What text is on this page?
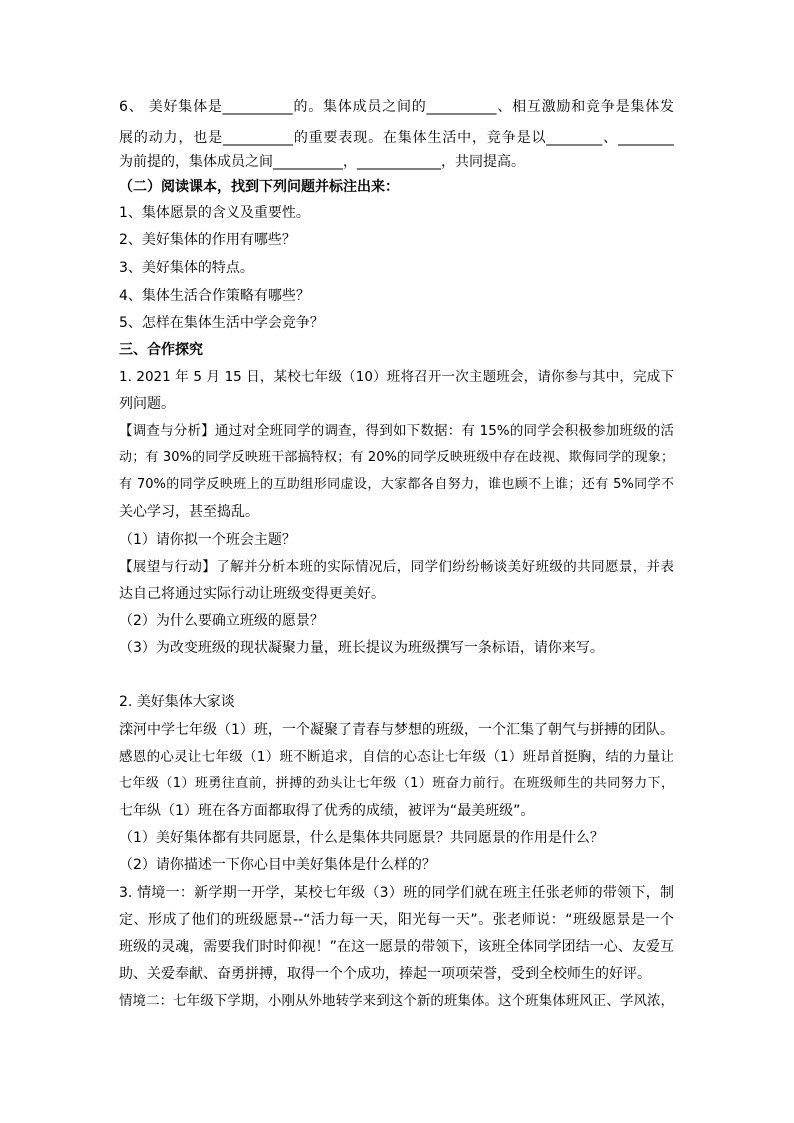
6、 美好集体是__________的。集体成员之间的__________、相互激励和竞争是集体发
展的动力，也是__________的重要表现。在集体生活中，竞争是以________、________
为前提的，集体成员之间__________，____________，共同提高。
（二）阅读课本，找到下列问题并标注出来：
1、集体愿景的含义及重要性。
2、美好集体的作用有哪些？
3、美好集体的特点。
4、集体生活合作策略有哪些？
5、怎样在集体生活中学会竞争？
三、合作探究
1. 2021 年 5 月 15 日，某校七年级（10）班将召开一次主题班会，请你参与其中，完成下
列问题。
【调查与分析】通过对全班同学的调查，得到如下数据：有 15%的同学会积极参加班级的活
动；有 30%的同学反映班干部搞特权；有 20%的同学反映班级中存在歧视、欺侮同学的现象；
有 70%的同学反映班上的互助组形同虚设，大家都各自努力，谁也顾不上谁；还有 5%同学不
关心学习，甚至捣乱。
（1）请你拟一个班会主题？
【展望与行动】了解并分析本班的实际情况后，同学们纷纷畅谈美好班级的共同愿景，并表
达自己将通过实际行动让班级变得更美好。
（2）为什么要确立班级的愿景？
（3）为改变班级的现状凝聚力量，班长提议为班级撰写一条标语，请你来写。
2. 美好集体大家谈
滦河中学七年级（1）班，一个凝聚了青春与梦想的班级，一个汇集了朝气与拼搏的团队。
感恩的心灵让七年级（1）班不断追求，自信的心态让七年级（1）班昂首挺胸，结的力量让
七年级（1）班勇往直前，拼搏的劲头让七年级（1）班奋力前行。在班级师生的共同努力下，
七年纵（1）班在各方面都取得了优秀的成绩，被评为“最美班级”。
（1）美好集体都有共同愿景，什么是集体共同愿景？共同愿景的作用是什么？
（2）请你描述一下你心目中美好集体是什么样的？
3. 情境一：新学期一开学，某校七年级（3）班的同学们就在班主任张老师的带领下，制
定、形成了他们的班级愿景--“活力每一天，阳光每一天”。张老师说：“班级愿景是一个
班级的灵魂，需要我们时时仰视！”在这一愿景的带领下，该班全体同学团结一心、友爱互
助、关爱奉献、奋勇拼搏，取得一个个成功，捧起一项项荣誉，受到全校师生的好评。
情境二：七年级下学期，小刚从外地转学来到这个新的班集体。这个班集体班风正、学风浓，
